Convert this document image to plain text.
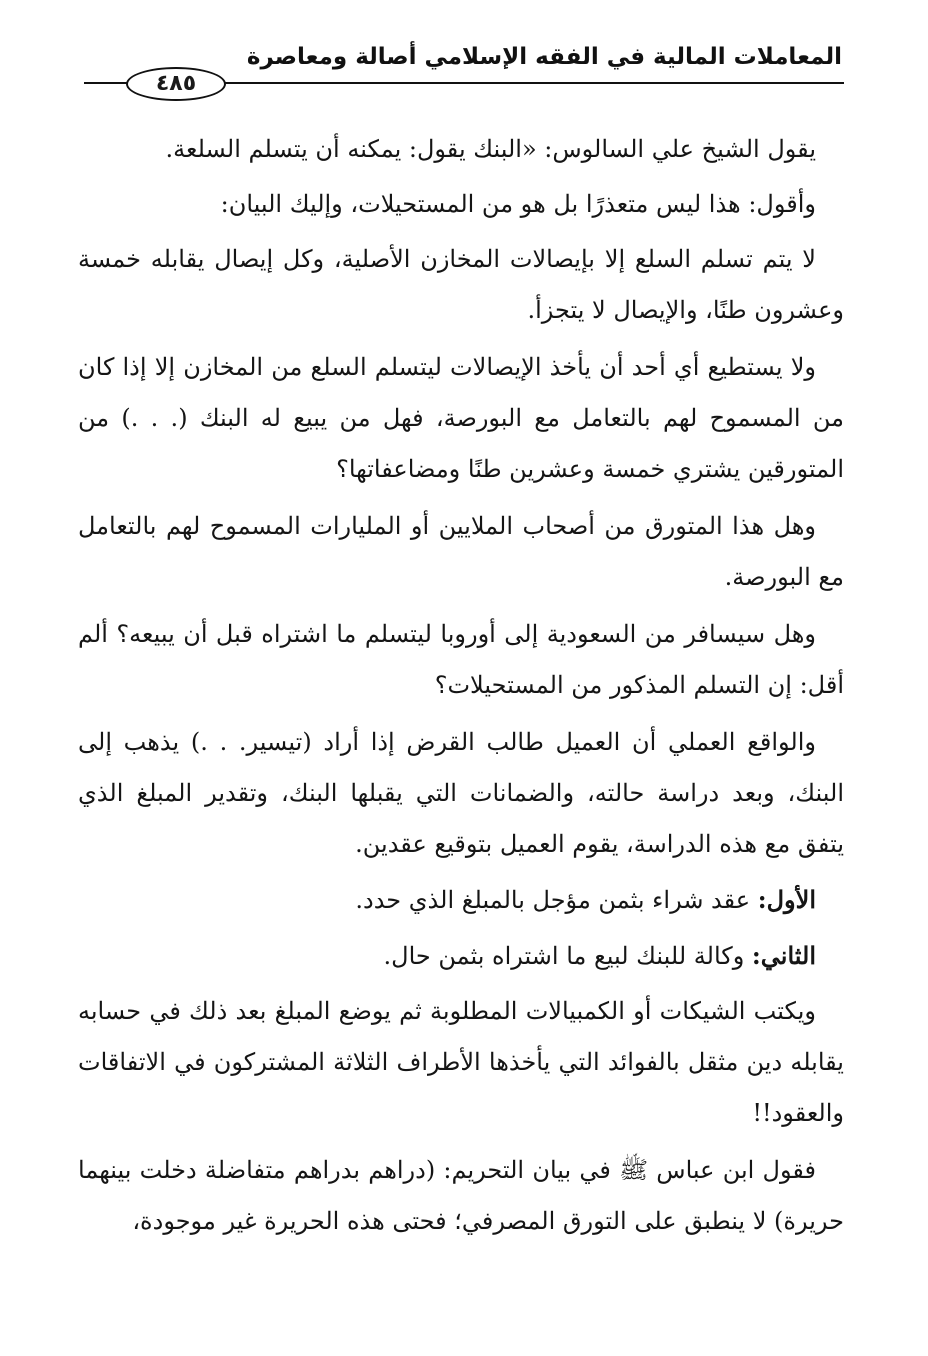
المعاملات المالية في الفقه الإسلامي أصالة ومعاصرة
٤٨٥

يقول الشيخ علي السالوس: «البنك يقول: يمكنه أن يتسلم السلعة.

وأقول: هذا ليس متعذرًا بل هو من المستحيلات، وإليك البيان:

لا يتم تسلم السلع إلا بإيصالات المخازن الأصلية، وكل إيصال يقابله خمسة وعشرون طنًا، والإيصال لا يتجزأ.

ولا يستطيع أي أحد أن يأخذ الإيصالات ليتسلم السلع من المخازن إلا إذا كان من المسموح لهم بالتعامل مع البورصة، فهل من يبيع له البنك (. . .) من المتورقين يشتري خمسة وعشرين طنًا ومضاعفاتها؟

وهل هذا المتورق من أصحاب الملايين أو المليارات المسموح لهم بالتعامل مع البورصة.

وهل سيسافر من السعودية إلى أوروبا ليتسلم ما اشتراه قبل أن يبيعه؟ ألم أقل: إن التسلم المذكور من المستحيلات؟

والواقع العملي أن العميل طالب القرض إذا أراد (تيسير. . .) يذهب إلى البنك، وبعد دراسة حالته، والضمانات التي يقبلها البنك، وتقدير المبلغ الذي يتفق مع هذه الدراسة، يقوم العميل بتوقيع عقدين.

الأول: عقد شراء بثمن مؤجل بالمبلغ الذي حدد.

الثاني: وكالة للبنك لبيع ما اشتراه بثمن حال.

ويكتب الشيكات أو الكمبيالات المطلوبة ثم يوضع المبلغ بعد ذلك في حسابه يقابله دين مثقل بالفوائد التي يأخذها الأطراف الثلاثة المشتركون في الاتفاقات والعقود!!

فقول ابن عباس ﷺ في بيان التحريم: (دراهم بدراهم متفاضلة دخلت بينهما حريرة) لا ينطبق على التورق المصرفي؛ فحتى هذه الحريرة غير موجودة،
